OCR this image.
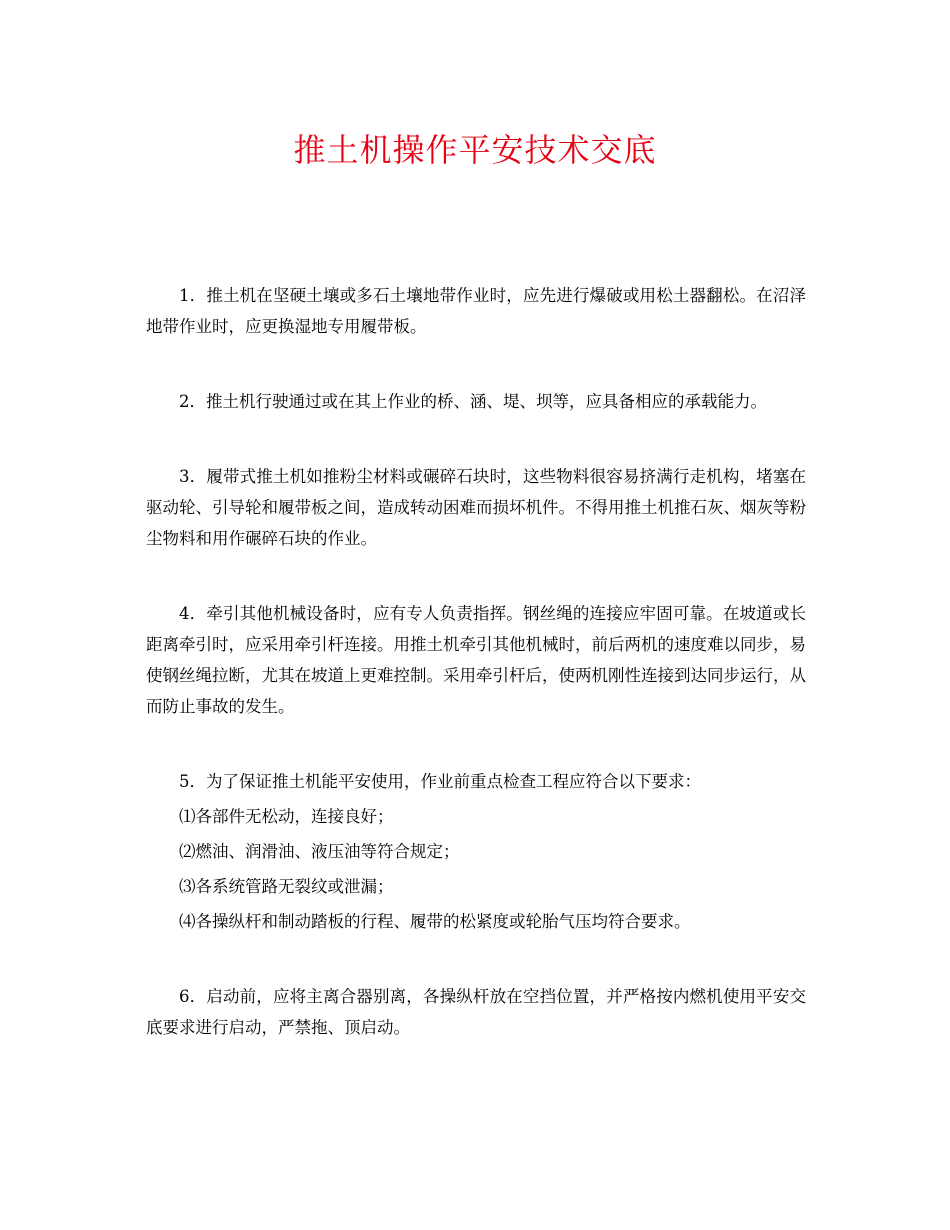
推土机操作平安技术交底

1．推土机在坚硬土壤或多石土壤地带作业时，应先进行爆破或用松土器翻松。在沼泽地带作业时，应更换湿地专用履带板。

2．推土机行驶通过或在其上作业的桥、涵、堤、坝等，应具备相应的承载能力。

3．履带式推土机如推粉尘材料或碾碎石块时，这些物料很容易挤满行走机构，堵塞在驱动轮、引导轮和履带板之间，造成转动困难而损坏机件。不得用推土机推石灰、烟灰等粉尘物料和用作碾碎石块的作业。

4．牵引其他机械设备时，应有专人负责指挥。钢丝绳的连接应牢固可靠。在坡道或长距离牵引时，应采用牵引杆连接。用推土机牵引其他机械时，前后两机的速度难以同步，易使钢丝绳拉断，尤其在坡道上更难控制。采用牵引杆后，使两机刚性连接到达同步运行，从而防止事故的发生。

5．为了保证推土机能平安使用，作业前重点检查工程应符合以下要求：

⑴各部件无松动，连接良好；
⑵燃油、润滑油、液压油等符合规定；
⑶各系统管路无裂纹或泄漏；
⑷各操纵杆和制动踏板的行程、履带的松紧度或轮胎气压均符合要求。

6．启动前，应将主离合器别离，各操纵杆放在空挡位置，并严格按内燃机使用平安交底要求进行启动，严禁拖、顶启动。
